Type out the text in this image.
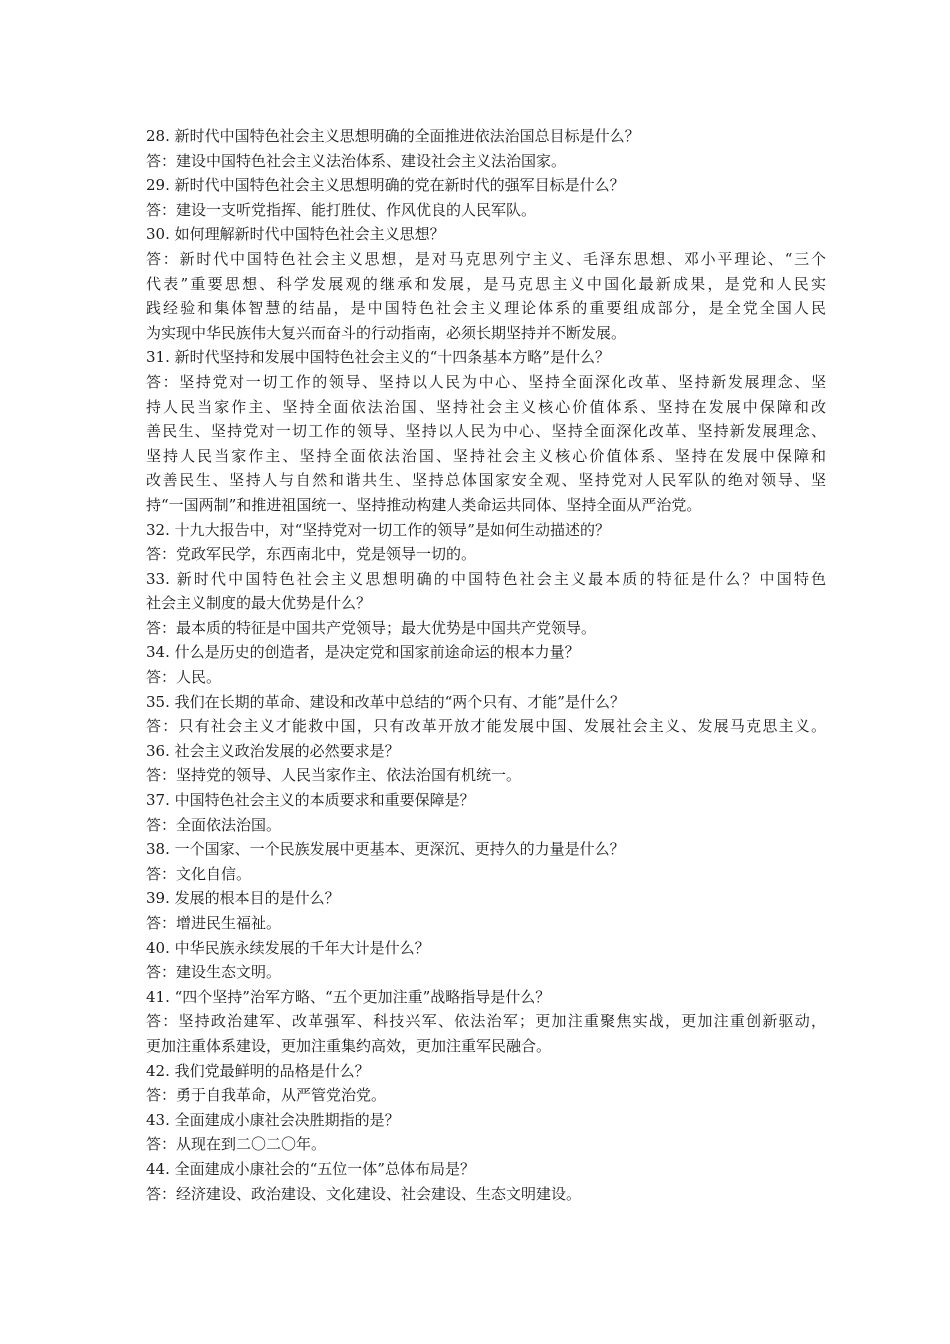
28. 新时代中国特色社会主义思想明确的全面推进依法治国总目标是什么？
答：建设中国特色社会主义法治体系、建设社会主义法治国家。
29. 新时代中国特色社会主义思想明确的党在新时代的强军目标是什么？
答：建设一支听党指挥、能打胜仗、作风优良的人民军队。
30. 如何理解新时代中国特色社会主义思想？
答：新时代中国特色社会主义思想，是对马克思列宁主义、毛泽东思想、邓小平理论、“三个
代表”重要思想、科学发展观的继承和发展，是马克思主义中国化最新成果，是党和人民实
践经验和集体智慧的结晶，是中国特色社会主义理论体系的重要组成部分，是全党全国人民
为实现中华民族伟大复兴而奋斗的行动指南，必须长期坚持并不断发展。
31. 新时代坚持和发展中国特色社会主义的“十四条基本方略”是什么？
答：坚持党对一切工作的领导、坚持以人民为中心、坚持全面深化改革、坚持新发展理念、坚
持人民当家作主、坚持全面依法治国、坚持社会主义核心价值体系、坚持在发展中保障和改
善民生、坚持党对一切工作的领导、坚持以人民为中心、坚持全面深化改革、坚持新发展理念、
坚持人民当家作主、坚持全面依法治国、坚持社会主义核心价值体系、坚持在发展中保障和
改善民生、坚持人与自然和谐共生、坚持总体国家安全观、坚持党对人民军队的绝对领导、坚
持“一国两制”和推进祖国统一、坚持推动构建人类命运共同体、坚持全面从严治党。
32. 十九大报告中，对“坚持党对一切工作的领导”是如何生动描述的？
答：党政军民学，东西南北中，党是领导一切的。
33. 新时代中国特色社会主义思想明确的中国特色社会主义最本质的特征是什么？中国特色
社会主义制度的最大优势是什么？
答：最本质的特征是中国共产党领导；最大优势是中国共产党领导。
34. 什么是历史的创造者，是决定党和国家前途命运的根本力量？
答：人民。
35. 我们在长期的革命、建设和改革中总结的“两个只有、才能”是什么？
答：只有社会主义才能救中国，只有改革开放才能发展中国、发展社会主义、发展马克思主义。
36. 社会主义政治发展的必然要求是？
答：坚持党的领导、人民当家作主、依法治国有机统一。
37. 中国特色社会主义的本质要求和重要保障是？
答：全面依法治国。
38. 一个国家、一个民族发展中更基本、更深沉、更持久的力量是什么？
答：文化自信。
39. 发展的根本目的是什么？
答：增进民生福祉。
40. 中华民族永续发展的千年大计是什么？
答：建设生态文明。
41. “四个坚持”治军方略、“五个更加注重”战略指导是什么？
答：坚持政治建军、改革强军、科技兴军、依法治军；更加注重聚焦实战，更加注重创新驱动，
更加注重体系建设，更加注重集约高效，更加注重军民融合。
42. 我们党最鲜明的品格是什么？
答：勇于自我革命，从严管党治党。
43. 全面建成小康社会决胜期指的是？
答：从现在到二〇二〇年。
44. 全面建成小康社会的“五位一体”总体布局是？
答：经济建设、政治建设、文化建设、社会建设、生态文明建设。
